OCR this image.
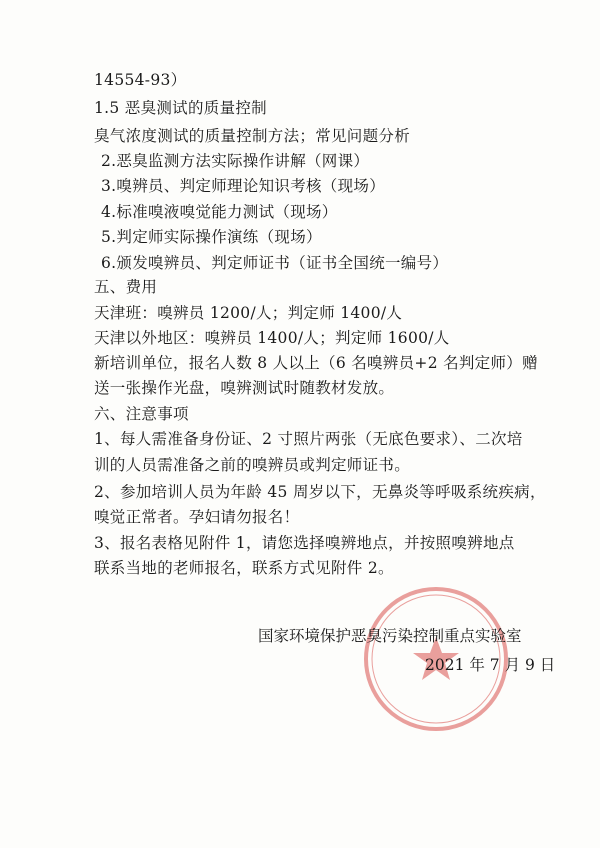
14554-93）
1.5 恶臭测试的质量控制
臭气浓度测试的质量控制方法；常见问题分析
2.恶臭监测方法实际操作讲解（网课）
3.嗅辨员、判定师理论知识考核（现场）
4.标准嗅液嗅觉能力测试（现场）
5.判定师实际操作演练（现场）
6.颁发嗅辨员、判定师证书（证书全国统一编号）
五、费用
天津班：嗅辨员 1200/人；判定师 1400/人
天津以外地区：嗅辨员 1400/人；判定师 1600/人
新培训单位，报名人数 8 人以上（6 名嗅辨员+2 名判定师）赠
送一张操作光盘，嗅辨测试时随教材发放。
六、注意事项
1、每人需准备身份证、2 寸照片两张（无底色要求）、二次培
训的人员需准备之前的嗅辨员或判定师证书。
2、参加培训人员为年龄 45 周岁以下，无鼻炎等呼吸系统疾病，
嗅觉正常者。孕妇请勿报名！
3、报名表格见附件 1，请您选择嗅辨地点，并按照嗅辨地点
联系当地的老师报名，联系方式见附件 2。
国家环境保护恶臭污染控制重点实验室
2021 年 7 月 9 日
